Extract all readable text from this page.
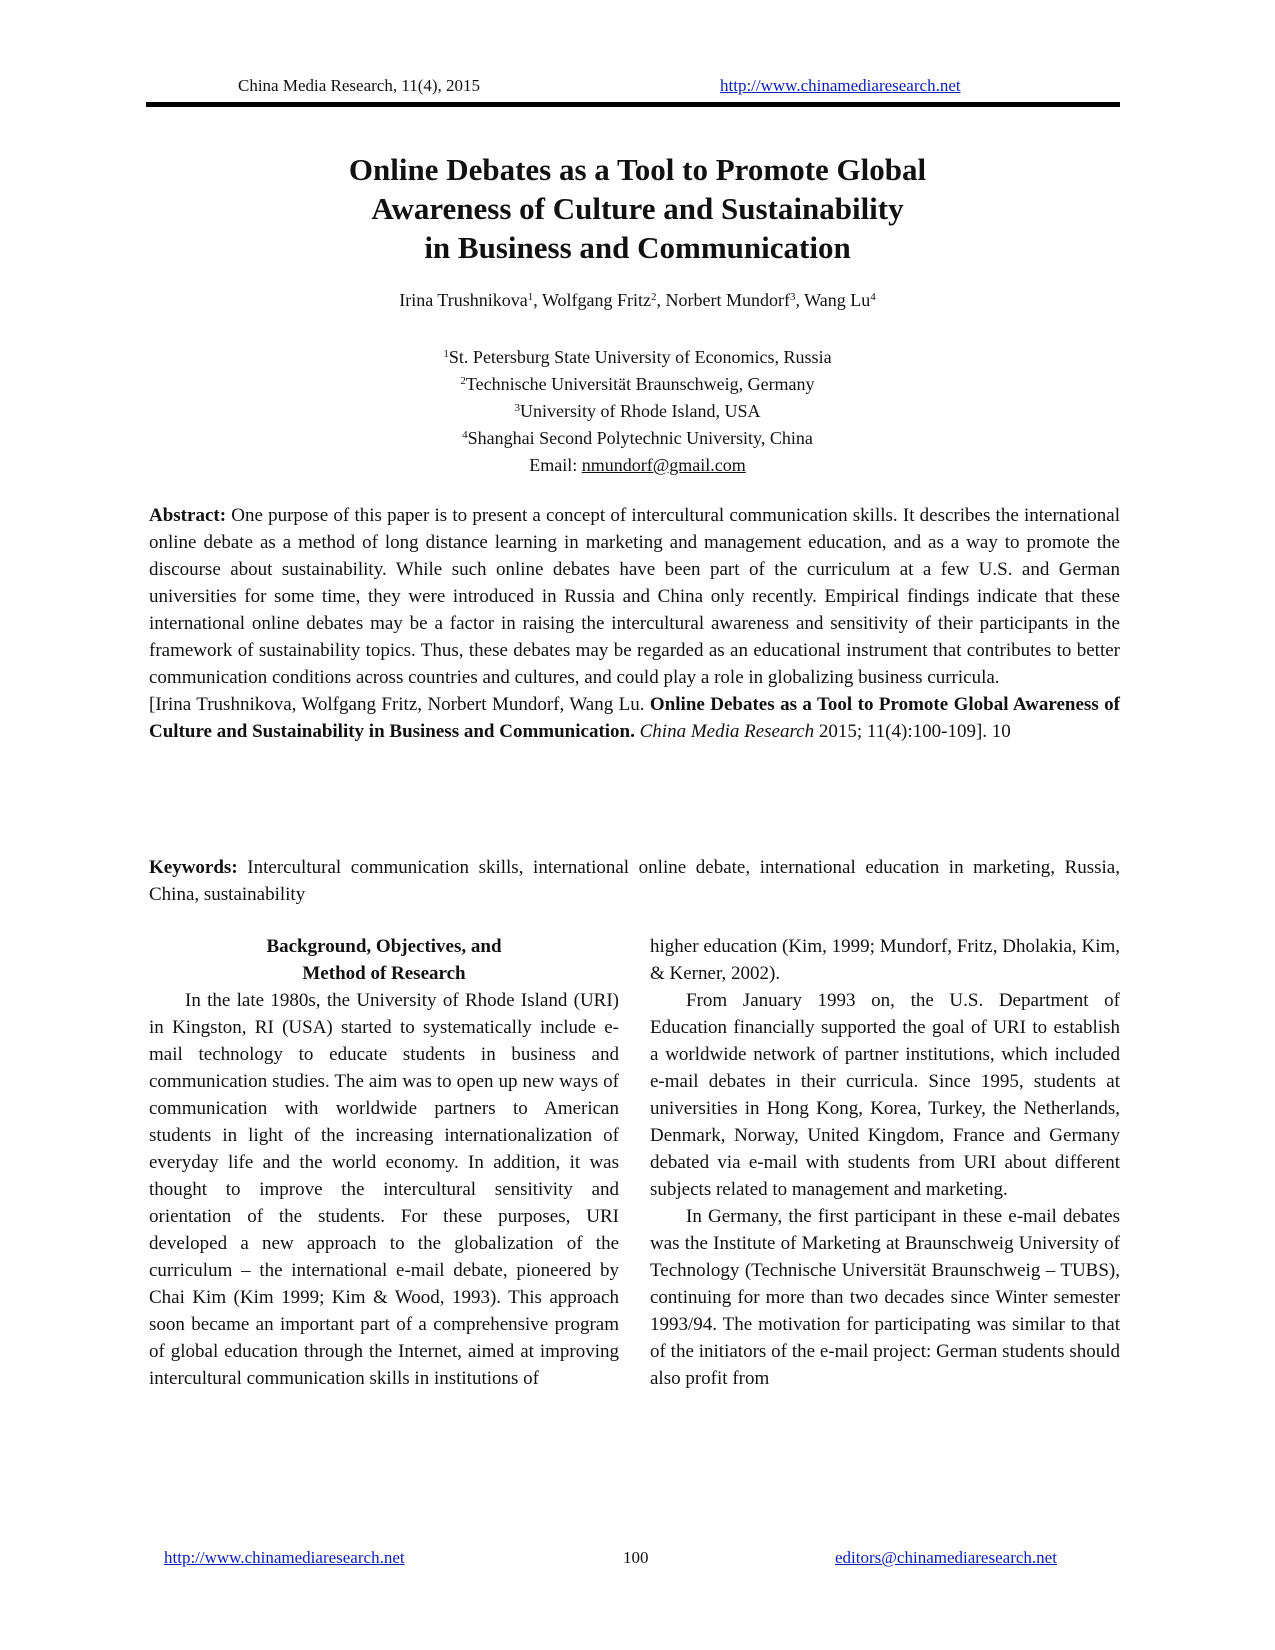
China Media Research, 11(4), 2015	http://www.chinamediaresearch.net
Online Debates as a Tool to Promote Global
Awareness of Culture and Sustainability
in Business and Communication
Irina Trushnikova$^1$, Wolfgang Fritz$^2$, Norbert Mundorf$^3$, Wang Lu$^4$
$^1$St. Petersburg State University of Economics, Russia
$^2$Technische Universität Braunschweig, Germany
$^3$University of Rhode Island, USA
$^4$Shanghai Second Polytechnic University, China
Email: nmundorf@gmail.com
Abstract: One purpose of this paper is to present a concept of intercultural communication skills. It describes the international online debate as a method of long distance learning in marketing and management education, and as a way to promote the discourse about sustainability. While such online debates have been part of the curriculum at a few U.S. and German universities for some time, they were introduced in Russia and China only recently. Empirical findings indicate that these international online debates may be a factor in raising the intercultural awareness and sensitivity of their participants in the framework of sustainability topics. Thus, these debates may be regarded as an educational instrument that contributes to better communication conditions across countries and cultures, and could play a role in globalizing business curricula.
[Irina Trushnikova, Wolfgang Fritz, Norbert Mundorf, Wang Lu. Online Debates as a Tool to Promote Global Awareness of Culture and Sustainability in Business and Communication. China Media Research 2015; 11(4):100-109]. 10
Keywords: Intercultural communication skills, international online debate, international education in marketing, Russia, China, sustainability
Background, Objectives, and
Method of Research

In the late 1980s, the University of Rhode Island (URI) in Kingston, RI (USA) started to systematically include e-mail technology to educate students in business and communication studies. The aim was to open up new ways of communication with worldwide partners to American students in light of the increasing internationalization of everyday life and the world economy. In addition, it was thought to improve the intercultural sensitivity and orientation of the students. For these purposes, URI developed a new approach to the globalization of the curriculum – the international e-mail debate, pioneered by Chai Kim (Kim 1999; Kim & Wood, 1993). This approach soon became an important part of a comprehensive program of global education through the Internet, aimed at improving intercultural communication skills in institutions of

higher education (Kim, 1999; Mundorf, Fritz, Dholakia, Kim, & Kerner, 2002).

From January 1993 on, the U.S. Department of Education financially supported the goal of URI to establish a worldwide network of partner institutions, which included e-mail debates in their curricula. Since 1995, students at universities in Hong Kong, Korea, Turkey, the Netherlands, Denmark, Norway, United Kingdom, France and Germany debated via e-mail with students from URI about different subjects related to management and marketing.

In Germany, the first participant in these e-mail debates was the Institute of Marketing at Braunschweig University of Technology (Technische Universität Braunschweig – TUBS), continuing for more than two decades since Winter semester 1993/94. The motivation for participating was similar to that of the initiators of the e-mail project: German students should also profit from

http://www.chinamediaresearch.net	100	editors@chinamediaresearch.net
